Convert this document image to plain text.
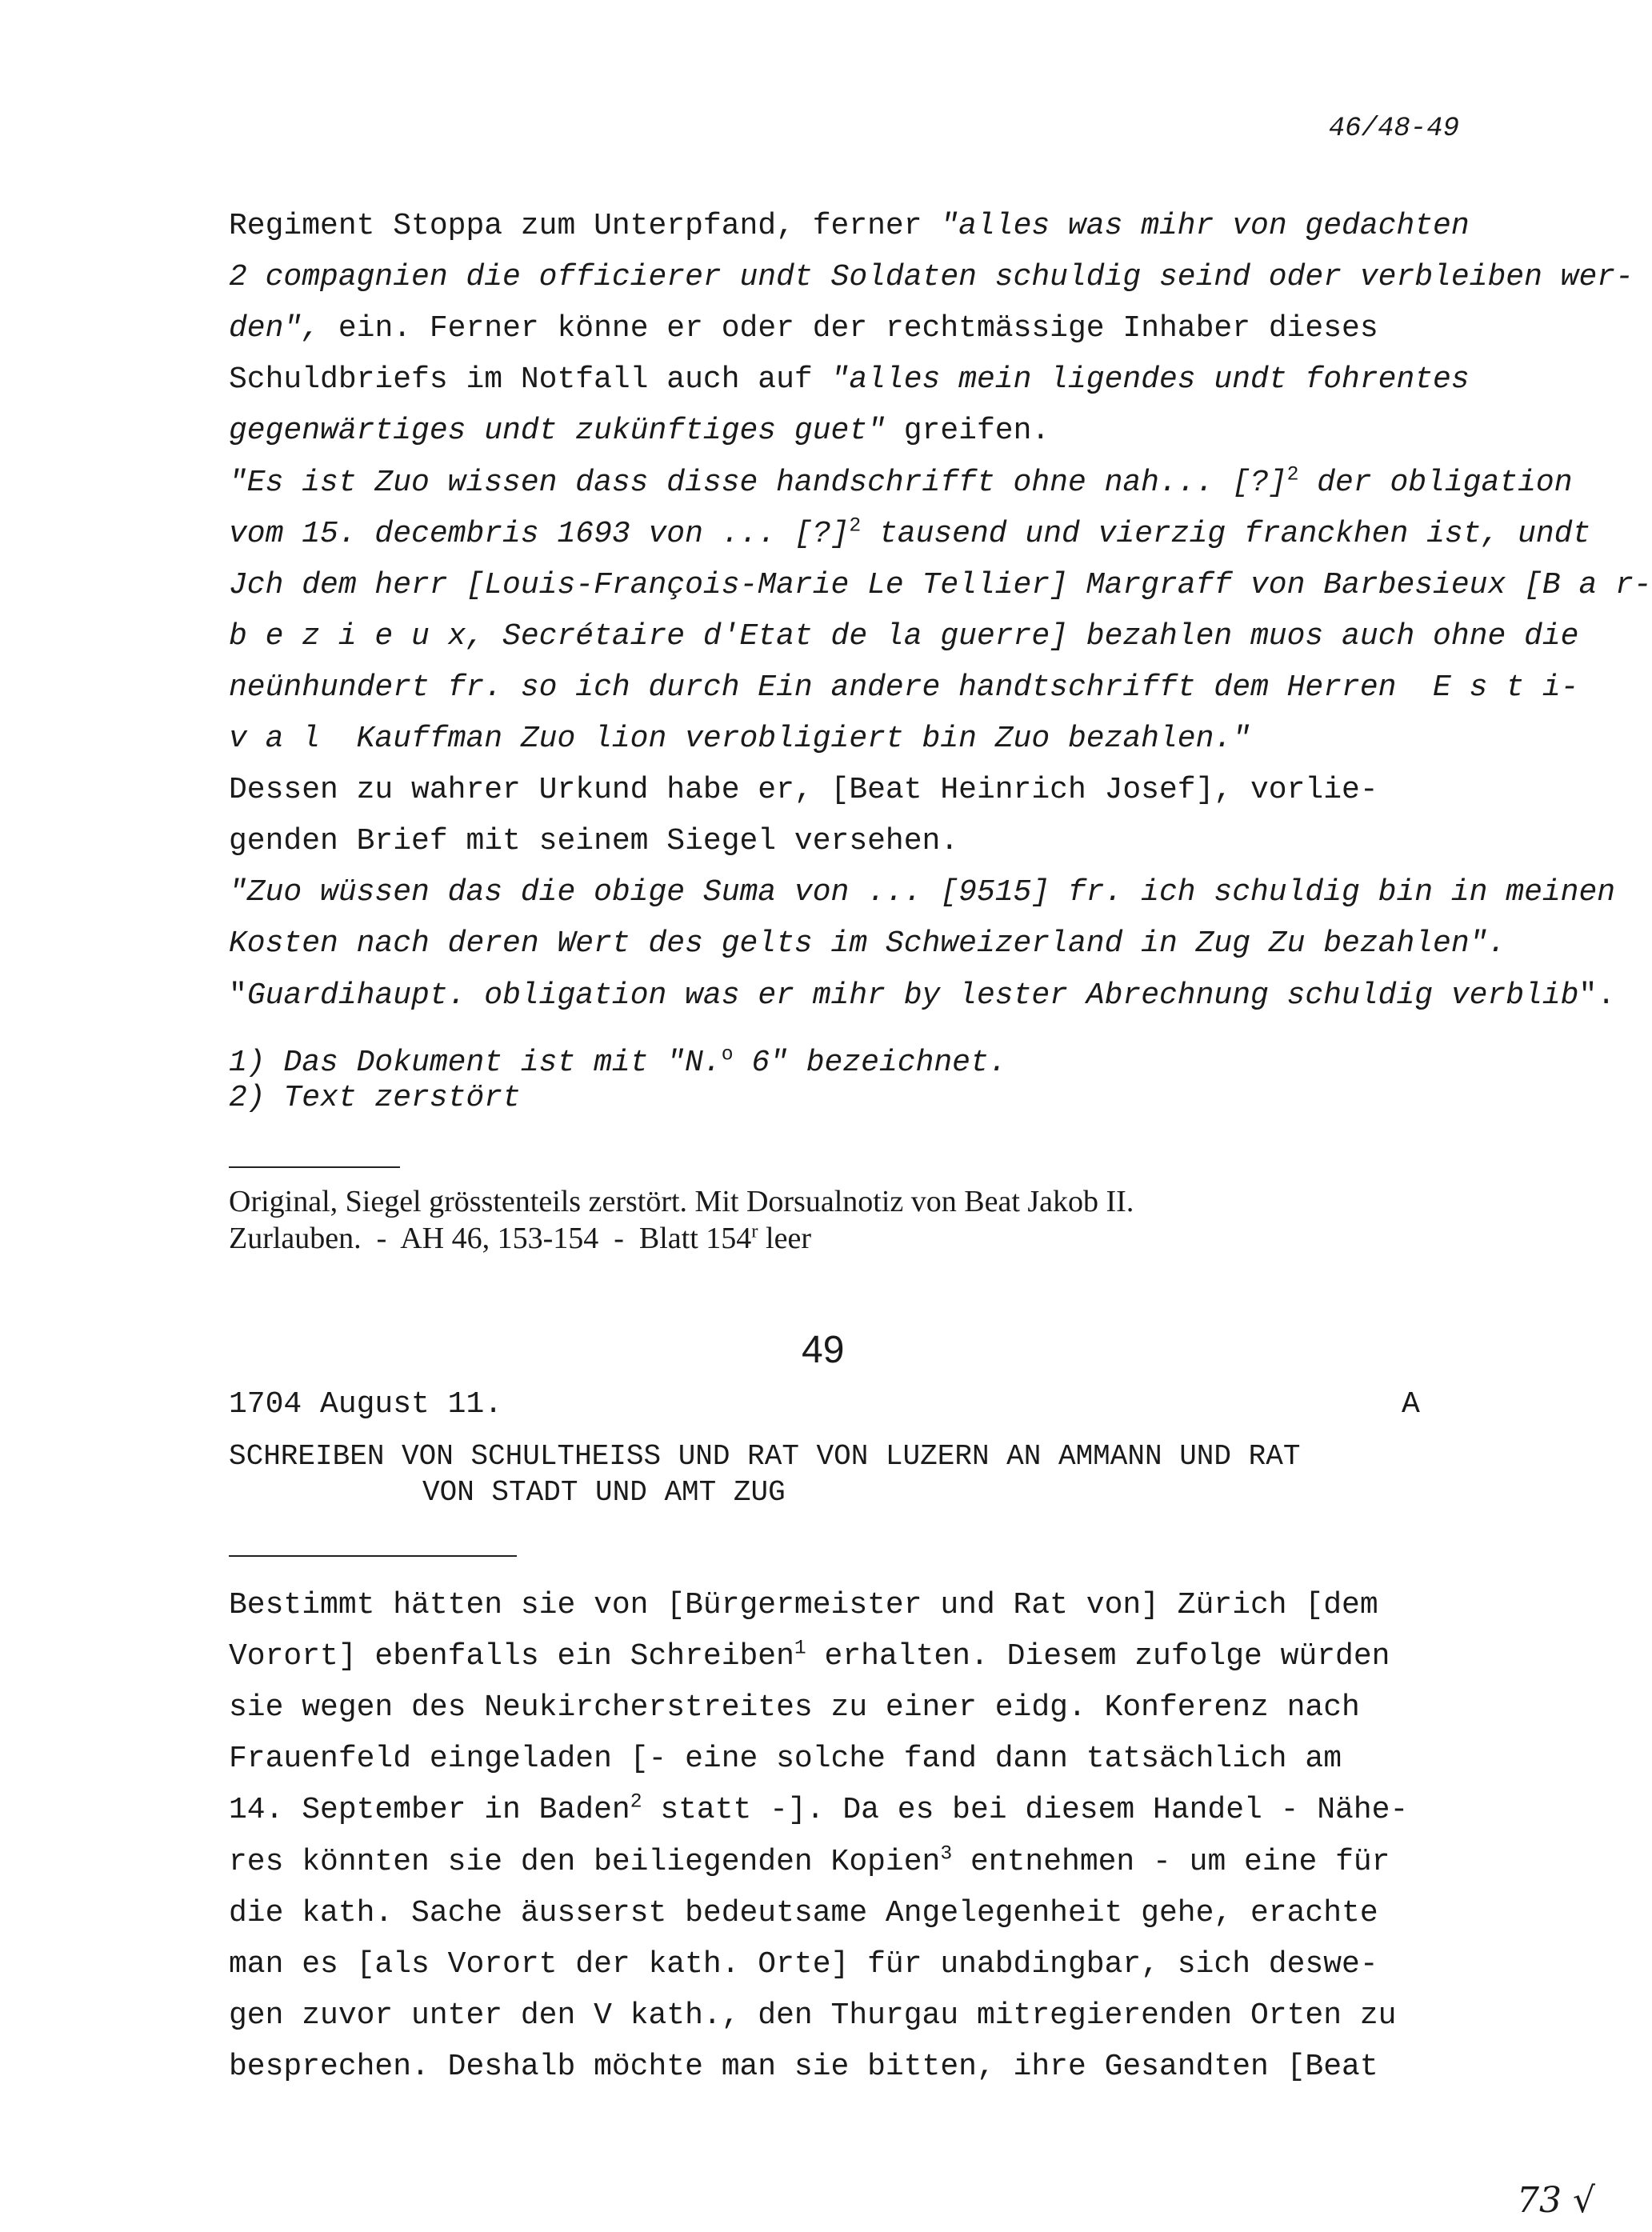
46/48-49
Regiment Stoppa zum Unterpfand, ferner "alles was mihr von gedachten
2 compagnien die officierer undt Soldaten schuldig seind oder verbleiben wer-
den", ein. Ferner könne er oder der rechtmässige Inhaber dieses
Schuldbriefs im Notfall auch auf "alles mein ligendes undt fohrentes
gegenwärtiges undt zukünftiges guet" greifen.
"Es ist Zuo wissen dass disse handschrifft ohne nah... [?]$^2$ der obligation
vom 15. decembris 1693 von ... [?]$^2$ tausend und vierzig franckhen ist, undt
Jch dem herr [Louis-François-Marie Le Tellier] Margraff von Barbesieux [B a r-
b e z i e u x, Secrétaire d'Etat de la guerre] bezahlen muos auch ohne die
neünhundert fr. so ich durch Ein andere handtschrifft dem Herren  E s t i-
v a l  Kauffman Zuo lion verobligiert bin Zuo bezahlen."
Dessen zu wahrer Urkund habe er, [Beat Heinrich Josef], vorlie-
genden Brief mit seinem Siegel versehen.
"Zuo wüssen das die obige Suma von ... [9515] fr. ich schuldig bin in meinen
Kosten nach deren Wert des gelts im Schweizerland in Zug Zu bezahlen".
"Guardihaupt. obligation was er mihr by lester Abrechnung schuldig verblib".
1) Das Dokument ist mit "N.$^o$ 6" bezeichnet.
2) Text zerstört
Original, Siegel grösstenteils zerstört. Mit Dorsualnotiz von Beat Jakob II.
Zurlauben.  -  AH 46, 153-154  -  Blatt 154$^r$ leer
49
1704 August 11.	A
SCHREIBEN VON SCHULTHEISS UND RAT VON LUZERN AN AMMANN UND RAT
VON STADT UND AMT ZUG
Bestimmt hätten sie von [Bürgermeister und Rat von] Zürich [dem
Vorort] ebenfalls ein Schreiben$^1$ erhalten. Diesem zufolge würden
sie wegen des Neukircherstreites zu einer eidg. Konferenz nach
Frauenfeld eingeladen [- eine solche fand dann tatsächlich am
14. September in Baden$^2$ statt -]. Da es bei diesem Handel - Nähe-
res könnten sie den beiliegenden Kopien$^3$ entnehmen - um eine für
die kath. Sache äusserst bedeutsame Angelegenheit gehe, erachte
man es [als Vorort der kath. Orte] für unabdingbar, sich deswe-
gen zuvor unter den V kath., den Thurgau mitregierenden Orten zu
besprechen. Deshalb möchte man sie bitten, ihre Gesandten [Beat
73 √
